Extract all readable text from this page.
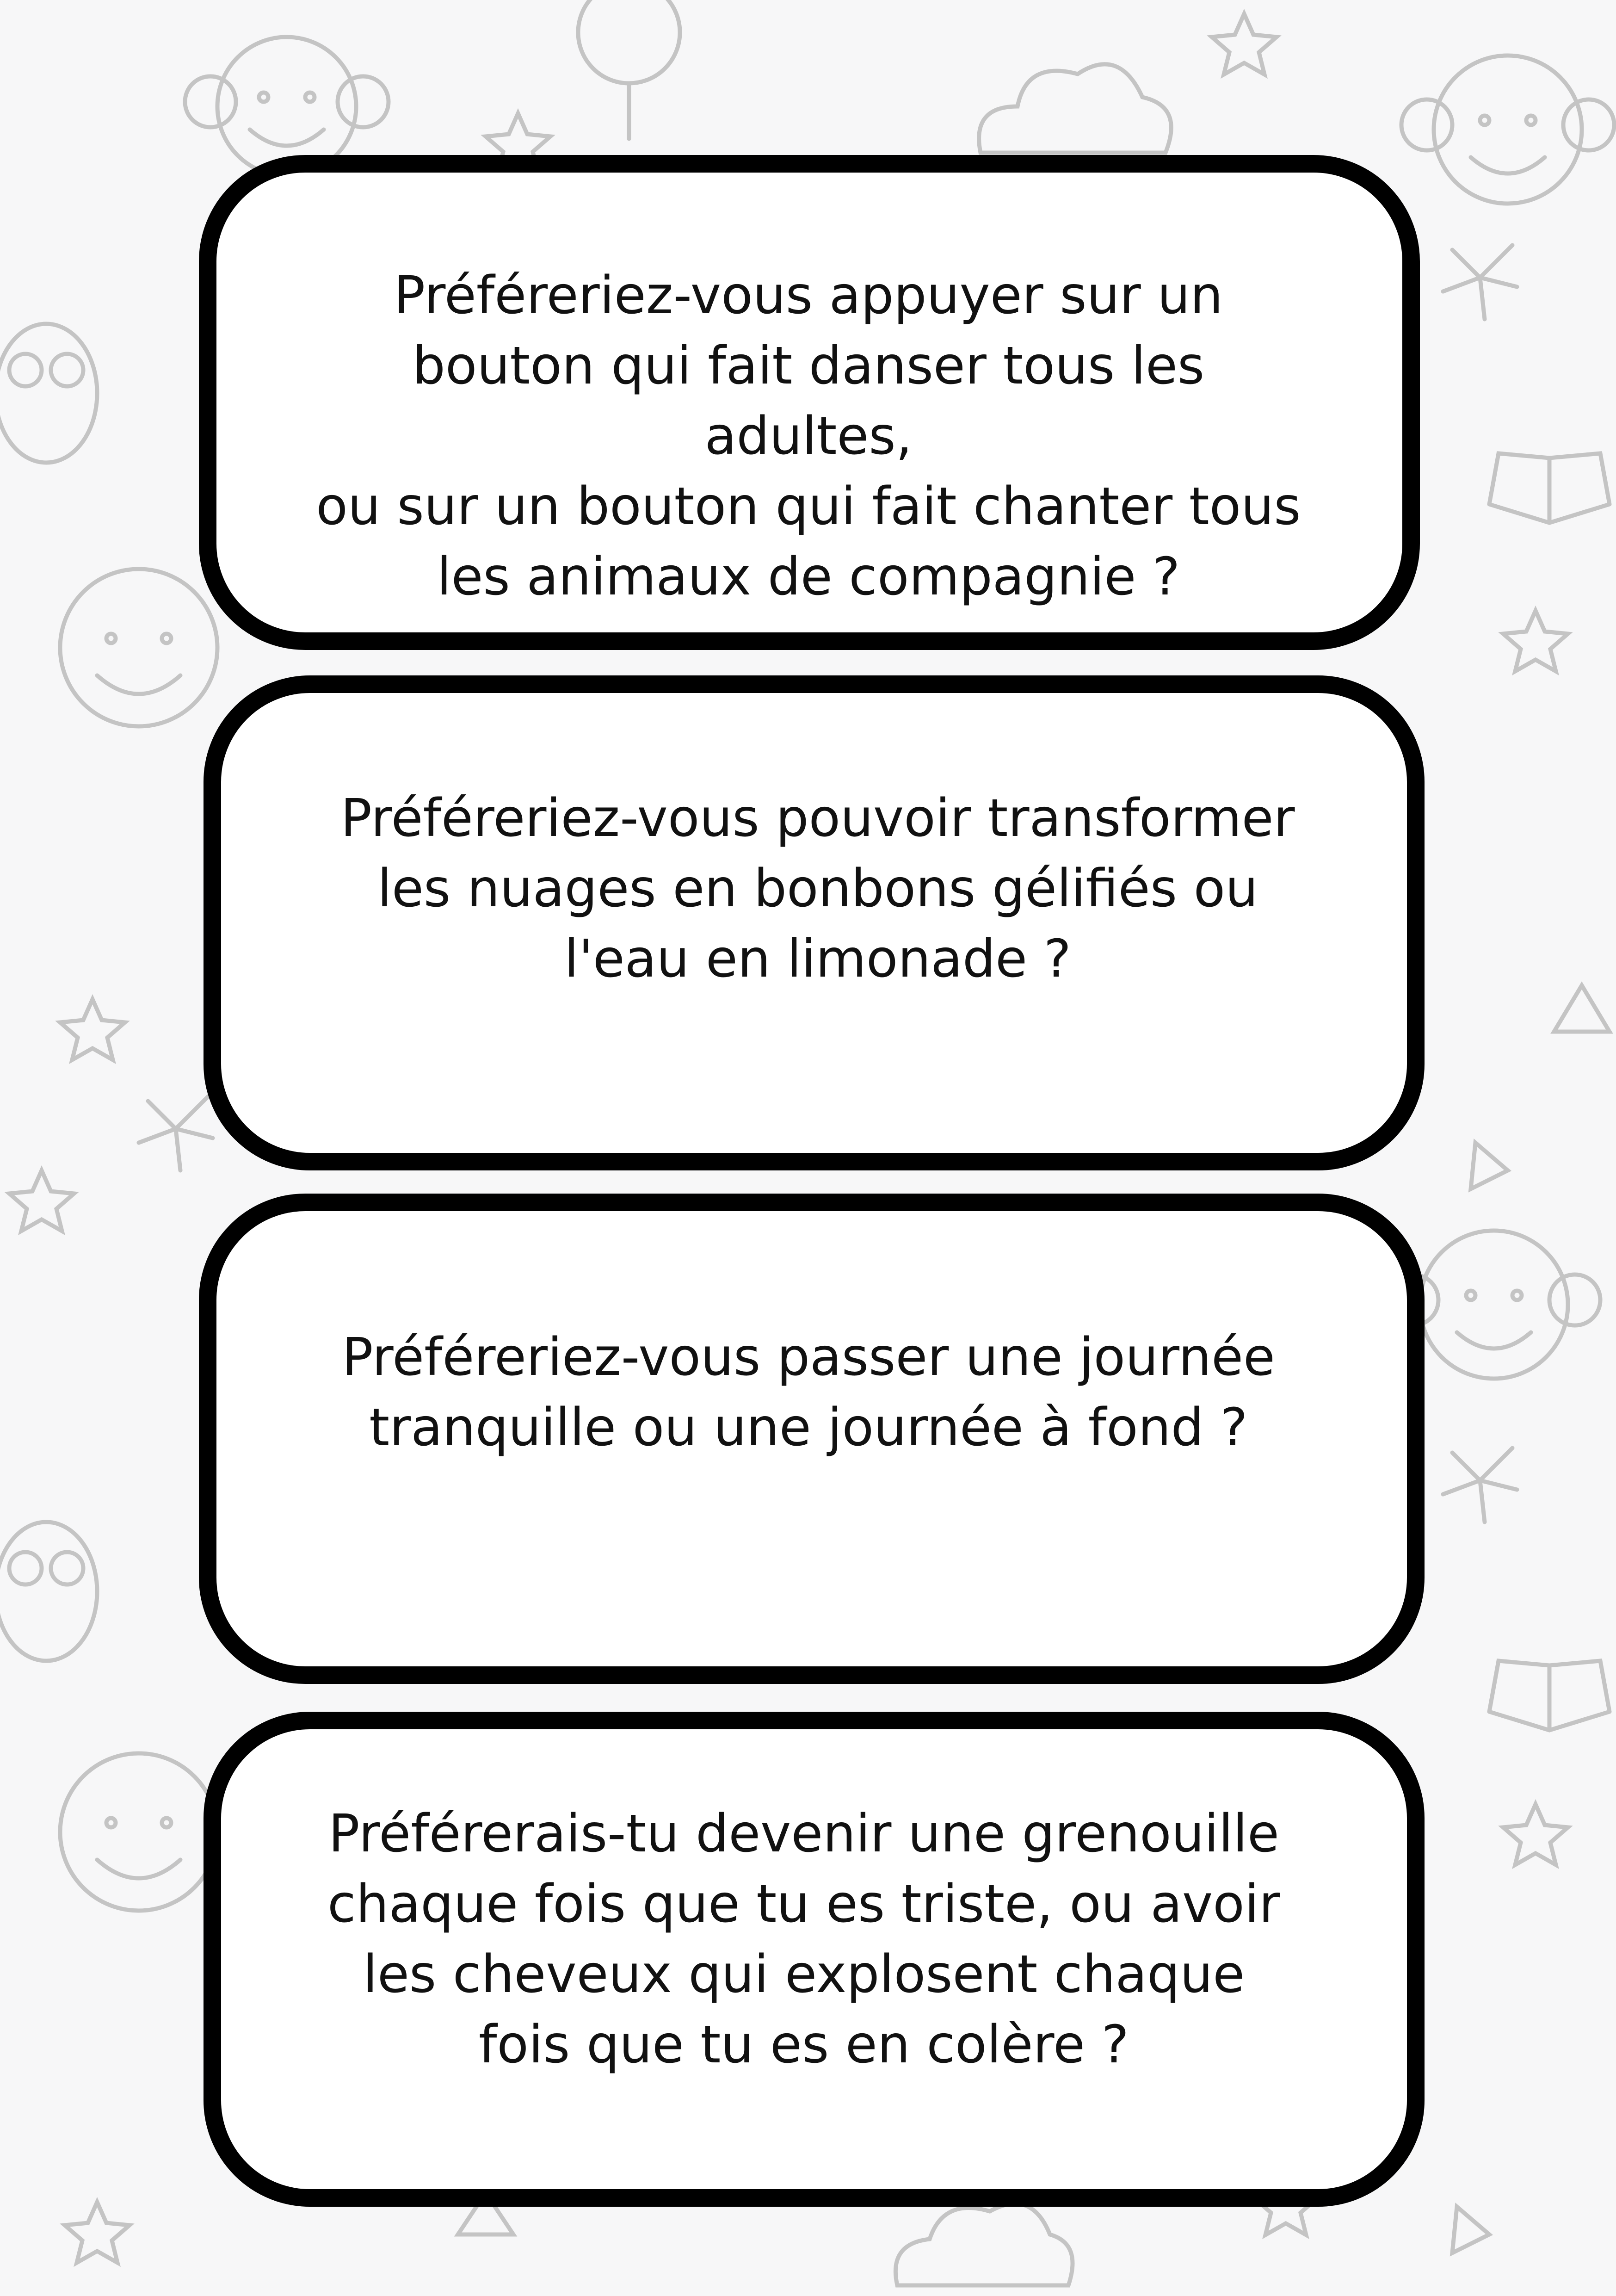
Préféreriez-vous appuyer sur un
bouton qui fait danser tous les adultes,
ou sur un bouton qui fait chanter tous
les animaux de compagnie ?

Préféreriez-vous pouvoir transformer
les nuages en bonbons gélifiés ou
l'eau en limonade ?

Préféreriez-vous passer une journée
tranquille ou une journée à fond ?

Préférerais-tu devenir une grenouille
chaque fois que tu es triste, ou avoir
les cheveux qui explosent chaque
fois que tu es en colère ?
